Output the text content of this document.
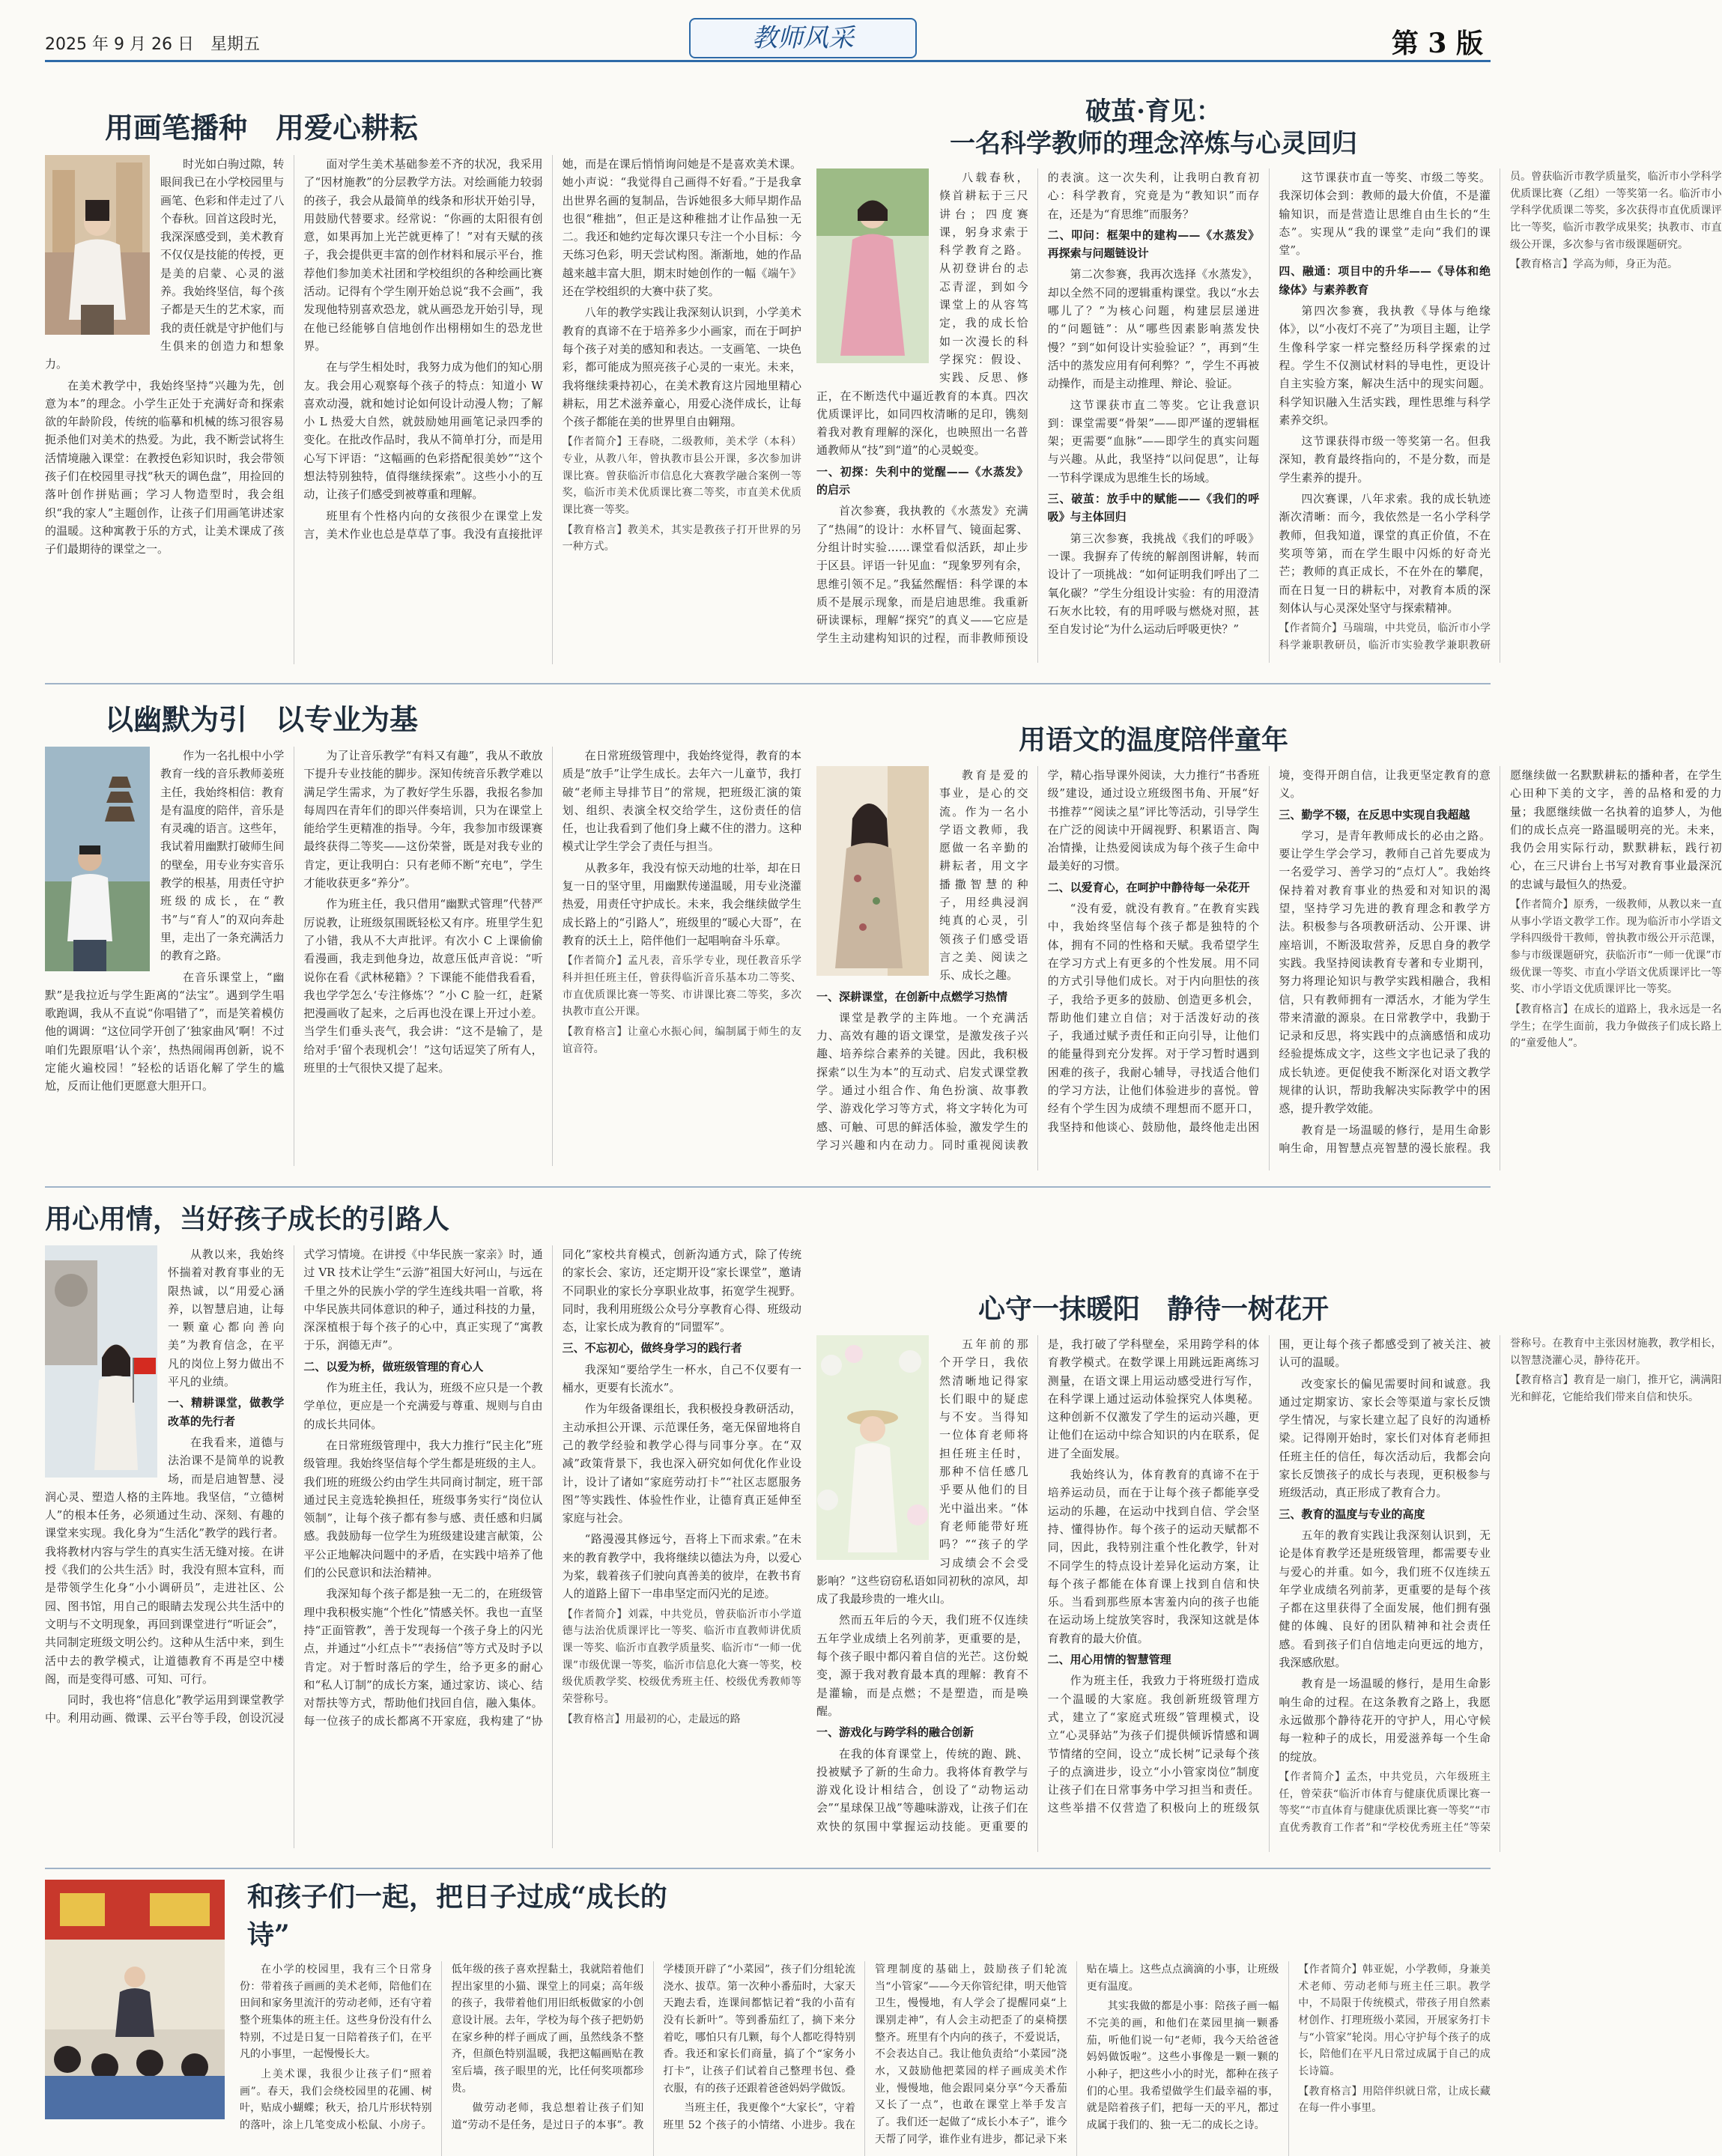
2025 年 9 月 26 日　星期五	教师风采	第 3 版
用画笔播种　用爱心耕耘

时光如白驹过隙，转眼间我已在小学校园里与画笔、色彩和伴走过了八个春秋。回首这段时光，我深深感受到，美术教育不仅仅是技能的传授，更是美的启蒙、心灵的滋养。我始终坚信，每个孩子都是天生的艺术家，而我的责任就是守护他们与生俱来的创造力和想象力。

在美术教学中，我始终坚持“兴趣为先，创意为本”的理念。小学生正处于充满好奇和探索欲的年龄阶段，传统的临摹和机械的练习很容易扼杀他们对美术的热爱。为此，我不断尝试将生活情境融入课堂：在教授色彩知识时，我会带领孩子们在校园里寻找“秋天的调色盘”，用捡回的落叶创作拼贴画；学习人物造型时，我会组织“我的家人”主题创作，让孩子们用画笔讲述家的温暖。这种寓教于乐的方式，让美术课成了孩子们最期待的课堂之一。

面对学生美术基础参差不齐的状况，我采用了“因材施教”的分层教学方法。对绘画能力较弱的孩子，我会从最简单的线条和形状开始引导，用鼓励代替要求。经常说：“你画的太阳很有创意，如果再加上光芒就更棒了！”对有天赋的孩子，我会提供更丰富的创作材料和展示平台，推荐他们参加美术社团和学校组织的各种绘画比赛活动。记得有个学生刚开始总说“我不会画”，我发现他特别喜欢恐龙，就从画恐龙开始引导，现在他已经能够自信地创作出栩栩如生的恐龙世界。

在与学生相处时，我努力成为他们的知心朋友。我会用心观察每个孩子的特点：知道小 W 喜欢动漫，就和她讨论如何设计动漫人物；了解小 L 热爱大自然，就鼓励她用画笔记录四季的变化。在批改作品时，我从不简单打分，而是用心写下评语：“这幅画的色彩搭配很美妙”“这个想法特别独特，值得继续探索”。这些小小的互动，让孩子们感受到被尊重和理解。

班里有个性格内向的女孩很少在课堂上发言，美术作业也总是草草了事。我没有直接批评她，而是在课后悄悄询问她是不是喜欢美术课。她小声说：“我觉得自己画得不好看。”于是我拿出世界名画的复制品，告诉她很多大师早期作品也很“稚拙”，但正是这种稚拙才让作品独一无二。我还和她约定每次课只专注一个小目标：今天练习色彩，明天尝试构图。渐渐地，她的作品越来越丰富大胆，期末时她创作的一幅《端午》还在学校组织的大赛中获了奖。

八年的教学实践让我深刻认识到，小学美术教育的真谛不在于培养多少小画家，而在于呵护每个孩子对美的感知和表达。一支画笔、一块色彩，都可能成为照亮孩子心灵的一束光。未来，我将继续秉持初心，在美术教育这片园地里精心耕耘，用艺术滋养童心，用爱心浇伴成长，让每个孩子都能在美的世界里自由翱翔。

【作者简介】王春晓，二级教师，美术学（本科）专业，从教八年，曾执教市县公开课，多次参加讲课比赛。曾获临沂市信息化大赛教学融合案例一等奖，临沂市美术优质课比赛二等奖，市直美术优质课比赛一等奖。

【教育格言】教美术，其实是教孩子打开世界的另一种方式。

破茧·育见：
一名科学教师的理念淬炼与心灵回归

八载春秋，倏首耕耘于三尺讲台；四度赛课，躬身求索于科学教育之路。从初登讲台的忐忑青涩，到如今课堂上的从容笃定，我的成长恰如一次漫长的科学探究：假设、实践、反思、修正，在不断迭代中逼近教育的本真。四次优质课评比，如同四枚清晰的足印，镌刻着我对教育理解的深化，也映照出一名普通教师从“技”到“道”的心灵蜕变。

一、初探：失利中的觉醒——《水蒸发》的启示

首次参赛，我执教的《水蒸发》充满了“热闹”的设计：水杯冒气、镜面起雾、分组计时实验……课堂看似活跃，却止步于区县。评语一针见血：“现象罗列有余，思维引领不足。”我猛然醒悟：科学课的本质不是展示现象，而是启迪思维。我重新研读课标，理解“探究”的真义——它应是学生主动建构知识的过程，而非教师预设的表演。这一次失利，让我明白教育初心：科学教育，究竟是为“教知识”而存在，还是为“育思维”而服务？

二、叩问：框架中的建构——《水蒸发》再探索与问题链设计

第二次参赛，我再次选择《水蒸发》，却以全然不同的逻辑重构课堂。我以“水去哪儿了？”为核心问题，构建层层递进的“问题链”：从“哪些因素影响蒸发快慢？”到“如何设计实验验证？”，再到“生活中的蒸发应用有何利弊？”，学生不再被动操作，而是主动推理、辩论、验证。

这节课获市直二等奖。它让我意识到：课堂需要“骨架”——即严谨的逻辑框架；更需要“血脉”——即学生的真实问题与兴趣。从此，我坚持“以问促思”，让每一节科学课成为思维生长的场域。

三、破茧：放手中的赋能——《我们的呼吸》与主体回归

第三次参赛，我挑战《我们的呼吸》一课。我摒弃了传统的解剖图讲解，转而设计了一项挑战：“如何证明我们呼出了二氧化碳？”学生分组设计实验：有的用澄清石灰水比较，有的用呼吸与燃烧对照，甚至自发讨论“为什么运动后呼吸更快？”

这节课获市直一等奖、市级二等奖。我深切体会到：教师的最大价值，不是灌输知识，而是营造让思维自由生长的“生态”。实现从“我的课堂”走向“我们的课堂”。

四、融通：项目中的升华——《导体和绝缘体》与素养教育

第四次参赛，我执教《导体与绝缘体》，以“小夜灯不亮了”为项目主题，让学生像科学家一样完整经历科学探索的过程。学生不仅测试材料的导电性，更设计自主实验方案，解决生活中的现实问题。科学知识融入生活实践，理性思维与科学素养交织。

这节课获得市级一等奖第一名。但我深知，教育最终指向的，不是分数，而是学生素养的提升。

四次赛课，八年求索。我的成长轨迹渐次清晰：而今，我依然是一名小学科学教师，但我知道，课堂的真正价值，不在奖项等第，而在学生眼中闪烁的好奇光芒；教师的真正成长，不在外在的攀爬，而在日复一日的耕耘中，对教育本质的深刻体认与心灵深处坚守与探索精神。

【作者简介】马瑞瑞，中共党员，临沂市小学科学兼职教研员，临沂市实验教学兼职教研员。曾获临沂市教学质量奖，临沂市小学科学优质课比赛（乙组）一等奖第一名。临沂市小学科学优质课二等奖，多次获得市直优质课评比一等奖，临沂市教学成果奖；执教市、市直级公开课，多次参与省市级课题研究。

【教育格言】学高为师，身正为范。

以幽默为引　以专业为基

作为一名扎根中小学教育一线的音乐教师姜班主任，我始终相信：教育是有温度的陪伴，音乐是有灵魂的语言。这些年，我试着用幽默打破师生间的壁垒，用专业夯实音乐教学的根基，用责任守护班级的成长，在“教书”与“育人”的双向奔赴里，走出了一条充满活力的教育之路。

在音乐课堂上，“幽默”是我拉近与学生距离的“法宝”。遇到学生唱歌跑调，我从不直说“你唱错了”，而是笑着模仿他的调调：“这位同学开创了‘独家曲风’啊！不过咱们先跟原唱‘认个亲’，热热闹闹再创新，说不定能火遍校园！”轻松的话语化解了学生的尴尬，反而让他们更愿意大胆开口。

为了让音乐教学“有料又有趣”，我从不敢放下提升专业技能的脚步。深知传统音乐教学难以满足学生需求，为了教好学生乐器，我报名参加每周四在青年们的即兴伴奏培训，只为在课堂上能给学生更精准的指导。今年，我参加市级课赛最终获得二等奖——这份荣誉，既是对我专业的肯定，更让我明白：只有老师不断“充电”，学生才能收获更多“养分”。

作为班主任，我只借用“幽默式管理”代替严厉说教，让班级氛围既轻松又有序。班里学生犯了小错，我从不大声批评。有次小 C 上课偷偷看漫画，我走到他身边，故意压低声音说：“听说你在看《武林秘籍》？下课能不能借我看看，我也学学怎么‘专注修炼’？”小 C 脸一红，赶紧把漫画收了起来，之后再也没在课上开过小差。当学生们垂头丧气，我会讲：“这不是输了，是给对手‘留个表现机会’！”这句话逗笑了所有人，班里的士气很快又提了起来。

在日常班级管理中，我始终觉得，教育的本质是“放手”让学生成长。去年六一儿童节，我打破“老师主导排节目”的常规，把班级汇演的策划、组织、表演全权交给学生，这份责任的信任，也让我看到了他们身上藏不住的潜力。这种模式让学生学会了责任与担当。

从教多年，我没有惊天动地的壮举，却在日复一日的坚守里，用幽默传递温暖，用专业浇灌热爱，用责任守护成长。未来，我会继续做学生成长路上的“引路人”，班级里的“暖心大哥”，在教育的沃土上，陪伴他们一起唱响奋斗乐章。

【作者简介】孟凡表，音乐学专业，现任教音乐学科并担任班主任，曾获得临沂音乐基本功二等奖、市直优质课比赛一等奖、市讲课比赛二等奖，多次执教市直公开课。

【教育格言】让童心水振心间，编制属于师生的友谊音符。

用语文的温度陪伴童年

教育是爱的事业，是心的交流。作为一名小学语文教师，我愿做一名辛勤的耕耘者，用文字播撒智慧的种子，用经典浸润纯真的心灵，引领孩子们感受语言之美、阅读之乐、成长之趣。

一、深耕课堂，在创新中点燃学习热情

课堂是教学的主阵地。一个充满活力、高效有趣的语文课堂，是激发孩子兴趣、培养综合素养的关键。因此，我积极探索“以生为本”的互动式、启发式课堂教学。通过小组合作、角色扮演、故事教学、游戏化学习等方式，将文字转化为可感、可触、可思的鲜活体验，激发学生的学习兴趣和内在动力。同时重视阅读教学，精心指导课外阅读，大力推行“书香班级”建设，通过设立班级图书角、开展“好书推荐”“阅读之星”评比等活动，引导学生在广泛的阅读中开阔视野、积累语言、陶冶情操，让热爱阅读成为每个孩子生命中最美好的习惯。

二、以爱育心，在呵护中静待每一朵花开

“没有爱，就没有教育。”在教育实践中，我始终坚信每个孩子都是独特的个体，拥有不同的性格和天赋。我希望学生在学习方式上有更多的个性发展。用不同的方式引导他们成长。对于内向胆怯的孩子，我给予更多的鼓励、创造更多机会，帮助他们建立自信；对于活泼好动的孩子，我通过赋予责任和正向引导，让他们的能量得到充分发挥。对于学习暂时遇到困难的孩子，我耐心辅导，寻找适合他们的学习方法，让他们体验进步的喜悦。曾经有个学生因为成绩不理想而不愿开口，我坚持和他谈心、鼓励他，最终他走出困境，变得开朗自信，让我更坚定教育的意义。

三、勤学不辍，在反思中实现自我超越

学习，是青年教师成长的必由之路。要让学生学会学习，教师自己首先要成为一名爱学习、善学习的“点灯人”。我始终保持着对教育事业的热爱和对知识的渴望，坚持学习先进的教育理念和教学方法。积极参与各项教研活动、公开课、讲座培训，不断汲取营养，反思自身的教学实践。我坚持阅读教育专著和专业期刊，努力将理论知识与教学实践相融合，我相信，只有教师拥有一潭活水，才能为学生带来清澈的源泉。在日常教学中，我勤于记录和反思，将实践中的点滴感悟和成功经验提炼成文字，这些文字也记录了我的成长轨迹。更促使我不断深化对语文教学规律的认识，帮助我解决实际教学中的困惑，提升教学效能。

教育是一场温暖的修行，是用生命影响生命，用智慧点亮智慧的漫长旅程。我愿继续做一名默默耕耘的播种者，在学生心田种下美的文字，善的品格和爱的力量；我愿继续做一名执着的追梦人，为他们的成长点亮一路温暖明亮的光。未来，我仍会用实际行动，默默耕耘，践行初心，在三尺讲台上书写对教育事业最深沉的忠诚与最恒久的热爱。

【作者简介】原秀，一级教师，从教以来一直从事小学语文教学工作。现为临沂市小学语文学科四级骨干教师，曾执教市级公开示范课，参与市级课题研究，获临沂市“一师一优课”市级优课一等奖、市直小学语文优质课评比一等奖、市小学语文优质课评比一等奖。

【教育格言】在成长的道路上，我永远是一名学生；在学生面前，我力争做孩子们成长路上的“童爱他人”。

用心用情，当好孩子成长的引路人

从教以来，我始终怀揣着对教育事业的无限热诚，以“用爱心涵养，以智慧启迪，让每一颗童心都向善向美”为教育信念，在平凡的岗位上努力做出不平凡的业绩。

一、精耕课堂，做教学改革的先行者

在我看来，道德与法治课不是简单的说教场，而是启迪智慧、浸润心灵、塑造人格的主阵地。我坚信，“立德树人”的根本任务，必须通过生动、深刻、有趣的课堂来实现。我化身为“生活化”教学的践行者。我将教材内容与学生的真实生活无缝对接。在讲授《我们的公共生活》时，我没有照本宣科，而是带领学生化身“小小调研员”，走进社区、公园、图书馆，用自己的眼睛去发现公共生活中的文明与不文明现象，再回到课堂进行“听证会”，共同制定班级文明公约。这种从生活中来，到生活中去的教学模式，让道德教育不再是空中楼阁，而是变得可感、可知、可行。

同时，我也将“信息化”教学运用到课堂教学中。利用动画、微课、云平台等手段，创设沉浸式学习情境。在讲授《中华民族一家亲》时，通过 VR 技术让学生“云游”祖国大好河山，与远在千里之外的民族小学的学生连线共唱一首歌，将中华民族共同体意识的种子，通过科技的力量，深深植根于每个孩子的心中，真正实现了“寓教于乐，润德无声”。

二、以爱为桥，做班级管理的育心人

作为班主任，我认为，班级不应只是一个教学单位，更应是一个充满爱与尊重、规则与自由的成长共同体。

在日常班级管理中，我大力推行“民主化”班级管理。我始终坚信每个学生都是班级的主人。我们班的班级公约由学生共同商讨制定，班干部通过民主竞选轮换担任，班级事务实行“岗位认领制”，让每个孩子都有参与感、责任感和归属感。我鼓励每一位学生为班级建设建言献策，公平公正地解决问题中的矛盾，在实践中培养了他们的公民意识和法治精神。

我深知每个孩子都是独一无二的，在班级管理中我积极实施“个性化”情感关怀。我也一直坚持“正面管教”，善于发现每一个孩子身上的闪光点，并通过“小红点卡”“表扬信”等方式及时予以肯定。对于暂时落后的学生，给予更多的耐心和“私人订制”的成长方案，通过家访、谈心、结对帮扶等方式，帮助他们找回自信，融入集体。每一位孩子的成长都离不开家庭，我构建了“协同化”家校共育模式，创新沟通方式，除了传统的家长会、家访，还定期开设“家长课堂”，邀请不同职业的家长分享职业故事，拓宽学生视野。同时，我利用班级公众号分享教育心得、班级动态，让家长成为教育的“同盟军”。

三、不忘初心，做终身学习的践行者

我深知“要给学生一杯水，自己不仅要有一桶水，更要有长流水”。

作为年级备课组长，我积极投身教研活动，主动承担公开课、示范课任务，毫无保留地将自己的教学经验和教学心得与同事分享。在“双减”政策背景下，我也深入研究如何优化作业设计，设计了诸如“家庭劳动打卡”“社区志愿服务图”等实践性、体验性作业，让德育真正延伸至家庭与社会。

“路漫漫其修远兮，吾将上下而求索。”在未来的教育教学中，我将继续以德法为舟，以爱心为桨，载着孩子们驶向真善美的彼岸，在教书育人的道路上留下一串串坚定而闪光的足迹。

【作者简介】刘霖，中共党员，曾获临沂市小学道德与法治优质课评比一等奖、临沂市直教师讲优质课一等奖、临沂市直教学质量奖、临沂市“一师一优课”市级优课一等奖，临沂市信息化大赛一等奖，校级优质教学奖、校级优秀班主任、校级优秀教师等荣誉称号。

【教育格言】用最初的心，走最远的路

心守一抹暖阳　静待一树花开

五年前的那个开学日，我依然清晰地记得家长们眼中的疑虑与不安。当得知一位体育老师将担任班主任时，那种不信任感几乎要从他们的目光中溢出来。“体育老师能带好班吗？”“孩子的学习成绩会不会受影响？”这些窃窃私语如同初秋的凉风，却成了我最珍贵的一堆火山。

然而五年后的今天，我们班不仅连续五年学业成绩上名列前茅，更重要的是，每个孩子眼中都闪着自信的光芒。这份蜕变，源于我对教育最本真的理解：教育不是灌输，而是点燃；不是塑造，而是唤醒。

一、游戏化与跨学科的融合创新

在我的体育课堂上，传统的跑、跳、投被赋予了新的生命力。我将体育教学与游戏化设计相结合，创设了“动物运动会”“星球保卫战”等趣味游戏，让孩子们在欢快的氛围中掌握运动技能。更重要的是，我打破了学科壁垒，采用跨学科的体育教学模式。在数学课上用跳远距离练习测量，在语文课上用运动感受进行写作，在科学课上通过运动体验探究人体奥秘。这种创新不仅激发了学生的运动兴趣，更让他们在运动中综合知识的内在联系，促进了全面发展。

我始终认为，体育教育的真谛不在于培养运动员，而在于让每个孩子都能享受运动的乐趣，在运动中找到自信、学会坚持、懂得协作。每个孩子的运动天赋都不同，因此，我特别注重个性化教学，针对不同学生的特点设计差异化运动方案，让每个孩子都能在体育课上找到自信和快乐。当看到那些原本害羞内向的孩子也能在运动场上绽放笑容时，我深知这就是体育教育的最大价值。

二、用心用情的智慧管理

作为班主任，我致力于将班级打造成一个温暖的大家庭。我创新班级管理方式，建立了“家庭式班级”管理模式，设立“心灵驿站”为孩子们提供倾诉情感和调节情绪的空间，设立“成长树”记录每个孩子的点滴进步，设立“小小管家岗位”制度让孩子们在日常事务中学习担当和责任。这些举措不仅营造了积极向上的班级氛围，更让每个孩子都感受到了被关注、被认可的温暖。

改变家长的偏见需要时间和诚意。我通过定期家访、家长会等渠道与家长反馈学生情况，与家长建立起了良好的沟通桥梁。记得刚开始时，家长们对体育老师担任班主任的信任，每次活动后，我都会向家长反馈孩子的成长与表现，更积极参与班级活动，真正形成了教育合力。

三、教育的温度与专业的高度

五年的教育实践让我深刻认识到，无论是体育教学还是班级管理，都需要专业与爱心的并重。如今，我们班不仅连续五年学业成绩名列前茅，更重要的是每个孩子都在这里获得了全面发展，他们拥有强健的体魄、良好的团队精神和社会责任感。看到孩子们自信地走向更远的地方，我深感欣慰。

教育是一场温暖的修行，是用生命影响生命的过程。在这条教育之路上，我愿永远做那个静待花开的守护人，用心守候每一粒种子的成长，用爱滋养每一个生命的绽放。

【作者简介】孟杰，中共党员，六年级班主任，曾荣获“临沂市体育与健康优质课比赛一等奖”“市直体育与健康优质课比赛一等奖”“市直优秀教育工作者”和“学校优秀班主任”等荣誉称号。在教育中主张因材施教，教学相长，以智慧浇灌心灵，静待花开。

【教育格言】教育是一扇门，推开它，满满阳光和鲜花，它能给我们带来自信和快乐。

和孩子们一起，把日子过成“成长的诗”

在小学的校园里，我有三个日常身份：带着孩子画画的美术老师，陪他们在田间和家务里流汗的劳动老师，还有守着整个班集体的班主任。这些身份没有什么特别，不过是日复一日陪着孩子们，在平凡的小事里，一起慢慢长大。

上美术课，我很少让孩子们“照着画”。春天，我们会绕校园里的花圃、树叶，贴成小蝴蝶；秋天，拾几片形状特别的落叶，涂上几笔变成小松鼠、小房子。低年级的孩子喜欢捏黏土，我就陪着他们捏出家里的小猫、课堂上的同桌；高年级的孩子，我带着他们用旧纸板做家的小创意设计展。去年，学校为每个孩子把奶奶在家乡种的样子画成了画，虽然线条不整齐，但颜色特别温暖，我把这幅画贴在教室后墙，孩子眼里的光，比任何奖项都珍贵。

做劳动老师，我总想着让孩子们知道“劳动不是任务，是过日子的本事”。教学楼顶开辟了“小菜园”，孩子们分组轮流浇水、拔草。第一次种小番茄时，大家天天跑去看，连课间都惦记着“我的小苗有没有长新叶”。等到番茄红了，摘下来分着吃，哪怕只有几颗，每个人都吃得特别香。我还和家长们商量，搞了个“家务小打卡”，让孩子们试着自己整理书包、叠衣服，有的孩子还跟着爸爸妈妈学做饭。

当班主任，我更像个“大家长”，守着班里 52 个孩子的小情绪、小进步。我在管理制度的基础上，鼓励孩子们轮流当“小管家”——今天你管纪律，明天他管卫生，慢慢地，有人学会了提醒同桌“上课别走神”，有人会主动把歪了的桌椅摆整齐。班里有个内向的孩子，不爱说话，不会表达自己。我让他负责给“小菜园”浇水，又鼓励他把菜园的样子画成美术作业，慢慢地，他会跟同桌分享“今天番茄又长了一点”，也敢在课堂上举手发言了。我们还一起做了“成长小本子”，谁今天帮了同学，谁作业有进步，都记录下来贴在墙上。这些点点滴滴的小事，让班级更有温度。

其实我做的都是小事：陪孩子画一幅不完美的画，和他们在菜园里摘一颗番茄，听他们说一句“老师，我今天给爸爸妈妈做饭啦”。这些小事像是一颗一颗的小种子，把这些小小的时光，都种在孩子们的心里。我希望做学生们最幸福的事，就是陪着孩子们，把每一天的平凡，都过成属于我们的、独一无二的成长之诗。

【作者简介】韩亚妮，小学教师，身兼美术老师、劳动老师与班主任三职。教学中，不局限于传统模式，带孩子用自然素材创作、打理班级小菜园，开展家务打卡与“小管家”轮岗。用心守护每个孩子的成长，陪他们在平凡日常过成属于自己的成长诗篇。

【教育格言】用陪伴织就日常，让成长藏在每一件小事里。
